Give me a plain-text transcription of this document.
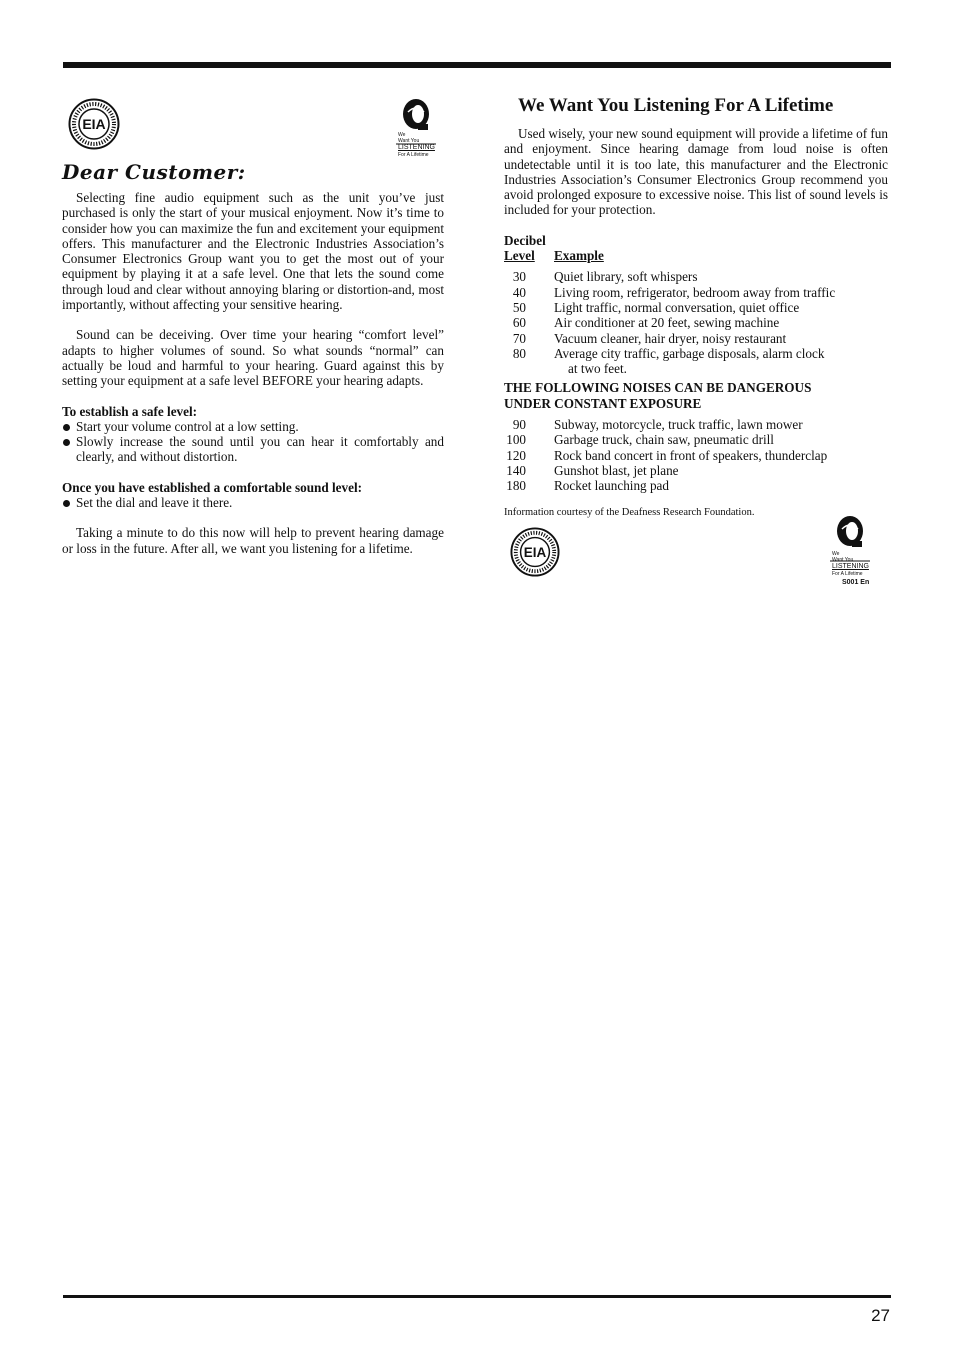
EIA
We
Want You
LISTENING
For A Lifetime
Dear Customer:

Selecting fine audio equipment such as the unit you’ve just purchased is only the start of your musical enjoyment. Now it’s time to consider how you can maximize the fun and excitement your equipment offers. This manufacturer and the Electronic Industries Association’s Consumer Electronics Group want you to get the most out of your equipment by playing it at a safe level. One that lets the sound come through loud and clear without annoying blaring or distortion-and, most importantly, without affecting your sensitive hearing.

Sound can be deceiving. Over time your hearing “comfort level” adapts to higher volumes of sound. So what sounds “normal” can actually be loud and harmful to your hearing. Guard against this by setting your equipment at a safe level BEFORE your hearing adapts.

To establish a safe level:

Start your volume control at a low setting.
Slowly increase the sound until you can hear it comfortably and clearly, and without distortion.

Once you have established a comfortable sound level:

Set the dial and leave it there.

Taking a minute to do this now will help to prevent hearing damage or loss in the future. After all, we want you listening for a lifetime.

We Want You Listening For A Lifetime

Used wisely, your new sound equipment will provide a lifetime of fun and enjoyment. Since hearing damage from loud noise is often undetectable until it is too late, this manufacturer and the Electronic Industries Association’s Consumer Electronics Group recommend you avoid prolonged exposure to excessive noise. This list of sound levels is included for your protection.

Decibel
Level	Example
30	Quiet library, soft whispers
40	Living room, refrigerator, bedroom away from traffic
50	Light traffic, normal conversation, quiet office
60	Air conditioner at 20 feet, sewing machine
70	Vacuum cleaner, hair dryer, noisy restaurant
80	Average city traffic, garbage disposals, alarm clock
at two feet.
THE FOLLOWING NOISES CAN BE DANGEROUS
UNDER CONSTANT EXPOSURE
90	Subway, motorcycle, truck traffic, lawn mower
100	Garbage truck, chain saw, pneumatic drill
120	Rock band concert in front of speakers, thunderclap
140	Gunshot blast, jet plane
180	Rocket launching pad
Information courtesy of the Deafness Research Foundation.
EIA	We
Want You
LISTENING
For A Lifetime
S001 En
27
